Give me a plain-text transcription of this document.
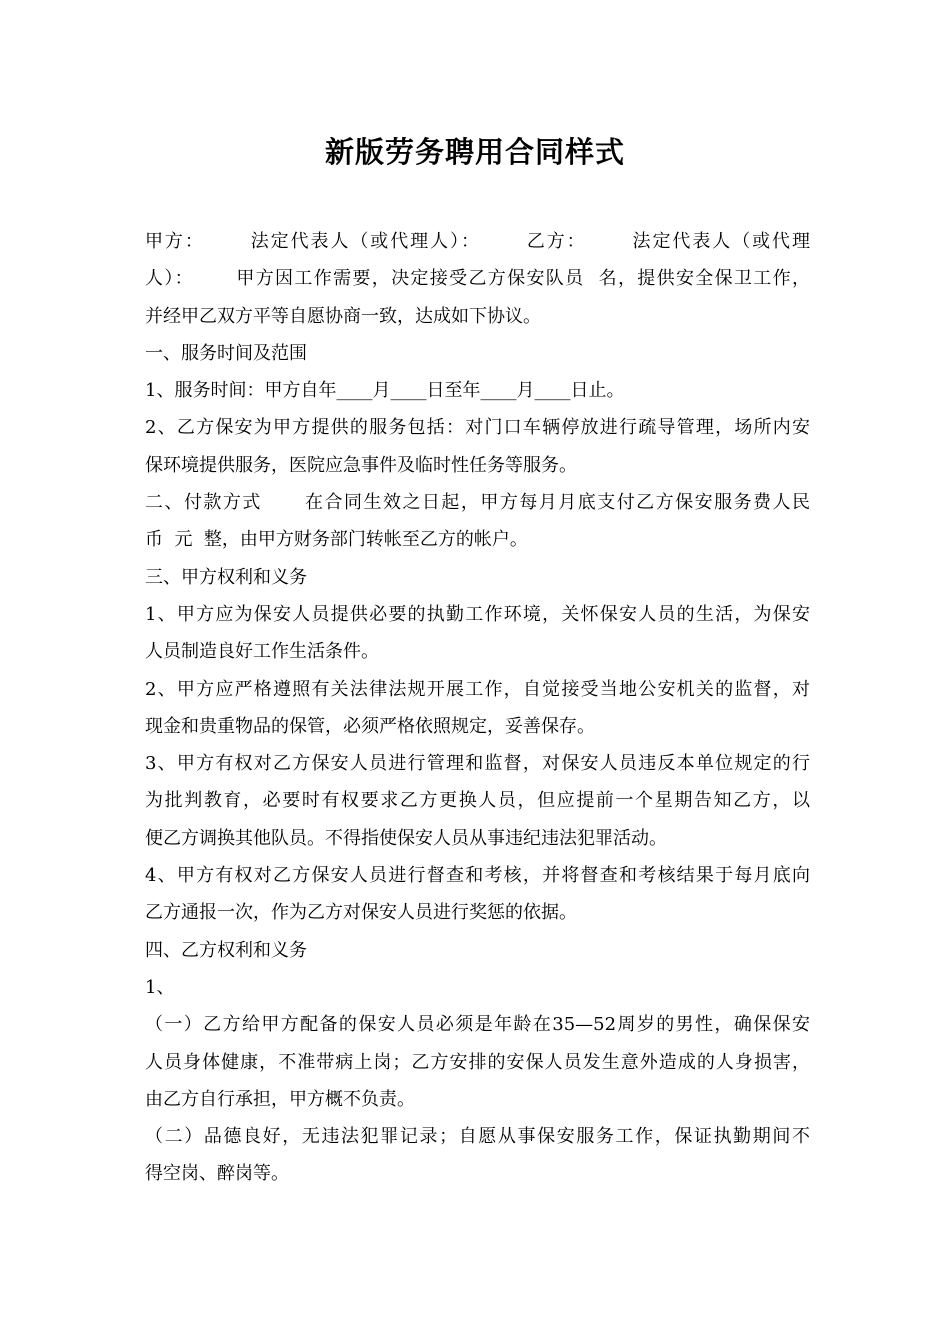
新版劳务聘用合同样式
甲方：      法定代表人（或代理人）：      乙方：      法定代表人（或代理
人）：      甲方因工作需要，决定接受乙方保安队员  名，提供安全保卫工作，
并经甲乙双方平等自愿协商一致，达成如下协议。
一、服务时间及范围
1、服务时间：甲方自年____月____日至年____月____日止。
2、乙方保安为甲方提供的服务包括：对门口车辆停放进行疏导管理，场所内安
保环境提供服务，医院应急事件及临时性任务等服务。
二、付款方式      在合同生效之日起，甲方每月月底支付乙方保安服务费人民
币  元  整，由甲方财务部门转帐至乙方的帐户。
三、甲方权利和义务
1、甲方应为保安人员提供必要的执勤工作环境，关怀保安人员的生活，为保安
人员制造良好工作生活条件。
2、甲方应严格遵照有关法律法规开展工作，自觉接受当地公安机关的监督，对
现金和贵重物品的保管，必须严格依照规定，妥善保存。
3、甲方有权对乙方保安人员进行管理和监督，对保安人员违反本单位规定的行
为批判教育，必要时有权要求乙方更换人员，但应提前一个星期告知乙方，以
便乙方调换其他队员。不得指使保安人员从事违纪违法犯罪活动。
4、甲方有权对乙方保安人员进行督查和考核，并将督查和考核结果于每月底向
乙方通报一次，作为乙方对保安人员进行奖惩的依据。
四、乙方权利和义务
1、
（一）乙方给甲方配备的保安人员必须是年龄在35—52周岁的男性，确保保安
人员身体健康，不准带病上岗；乙方安排的安保人员发生意外造成的人身损害，
由乙方自行承担，甲方概不负责。
（二）品德良好，无违法犯罪记录；自愿从事保安服务工作，保证执勤期间不
得空岗、醉岗等。
